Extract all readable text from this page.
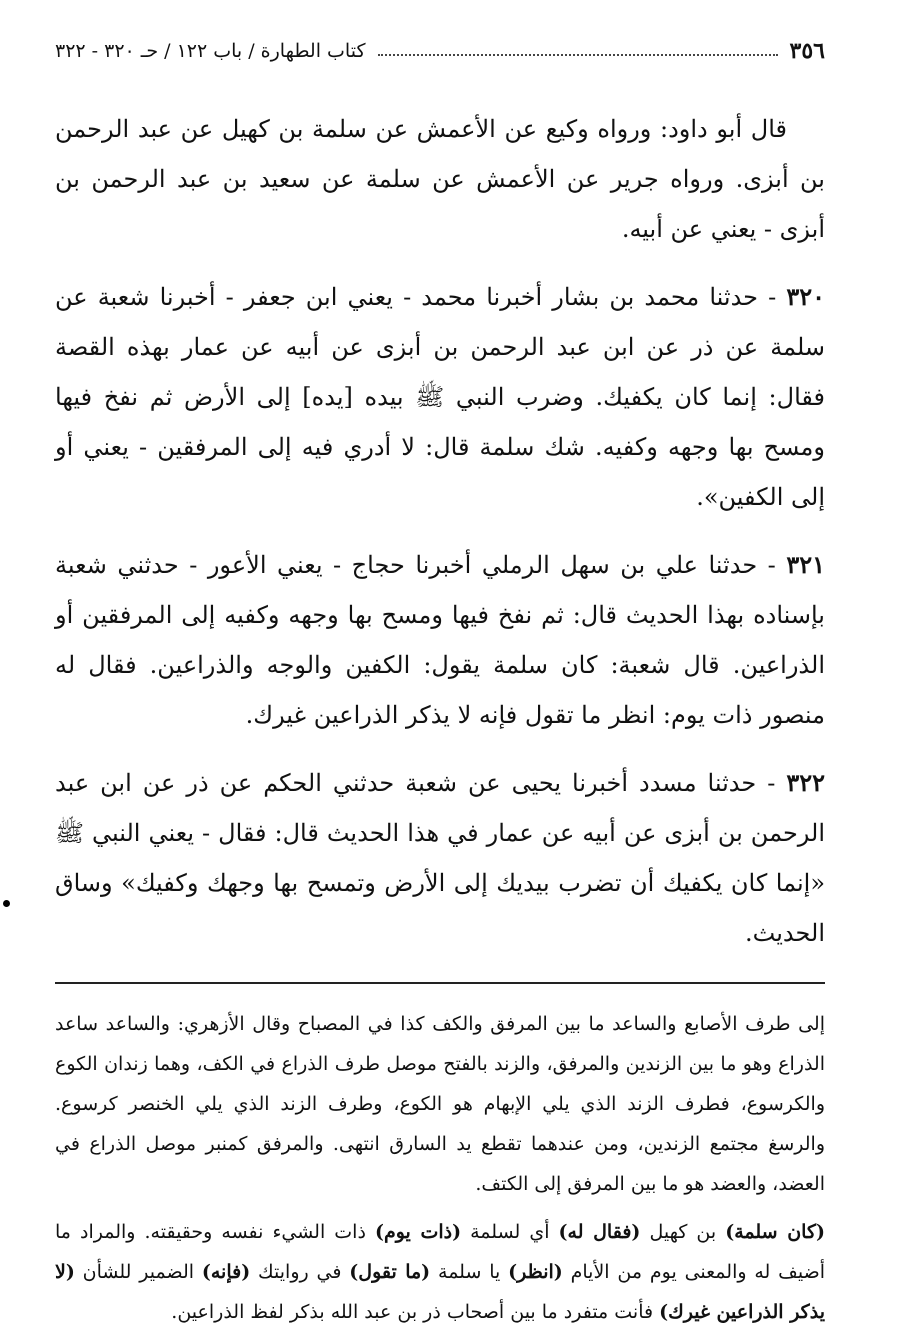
٣٥٦
كتاب الطهارة / باب ١٢٢ /
حـ ٣٢٠ - ٣٢٢

قال أبو داود: ورواه وكيع عن الأعمش عن سلمة بن كهيل عن عبد الرحمن بن أبزى. ورواه جرير عن الأعمش عن سلمة عن سعيد بن عبد الرحمن بن أبزى - يعني عن أبيه.

٣٢٠ - حدثنا محمد بن بشار أخبرنا محمد - يعني ابن جعفر - أخبرنا شعبة عن سلمة عن ذر عن ابن عبد الرحمن بن أبزى عن أبيه عن عمار بهذه القصة فقال: إنما كان يكفيك. وضرب النبي ﷺ بيده [يده] إلى الأرض ثم نفخ فيها ومسح بها وجهه وكفيه. شك سلمة قال: لا أدري فيه إلى المرفقين - يعني أو إلى الكفين».

٣٢١ - حدثنا علي بن سهل الرملي أخبرنا حجاج - يعني الأعور - حدثني شعبة بإسناده بهذا الحديث قال: ثم نفخ فيها ومسح بها وجهه وكفيه إلى المرفقين أو الذراعين. قال شعبة: كان سلمة يقول: الكفين والوجه والذراعين. فقال له منصور ذات يوم: انظر ما تقول فإنه لا يذكر الذراعين غيرك.

٣٢٢ - حدثنا مسدد أخبرنا يحيى عن شعبة حدثني الحكم عن ذر عن ابن عبد الرحمن بن أبزى عن أبيه عن عمار في هذا الحديث قال: فقال - يعني النبي ﷺ «إنما كان يكفيك أن تضرب بيديك إلى الأرض وتمسح بها وجهك وكفيك» وساق الحديث.

إلى طرف الأصابع والساعد ما بين المرفق والكف كذا في المصباح وقال الأزهري: والساعد ساعد الذراع وهو ما بين الزندين والمرفق، والزند بالفتح موصل طرف الذراع في الكف، وهما زندان الكوع والكرسوع، فطرف الزند الذي يلي الإبهام هو الكوع، وطرف الزند الذي يلي الخنصر كرسوع. والرسغ مجتمع الزندين، ومن عندهما تقطع يد السارق انتهى. والمرفق كمنبر موصل الذراع في العضد، والعضد هو ما بين المرفق إلى الكتف.

(كان سلمة) بن كهيل (فقال له) أي لسلمة (ذات يوم) ذات الشيء نفسه وحقيقته. والمراد ما أضيف له والمعنى يوم من الأيام (انظر) يا سلمة (ما تقول) في روايتك (فإنه) الضمير للشأن (لا يذكر الذراعين غيرك) فأنت متفرد ما بين أصحاب ذر بن عبد الله بذكر لفظ الذراعين.
